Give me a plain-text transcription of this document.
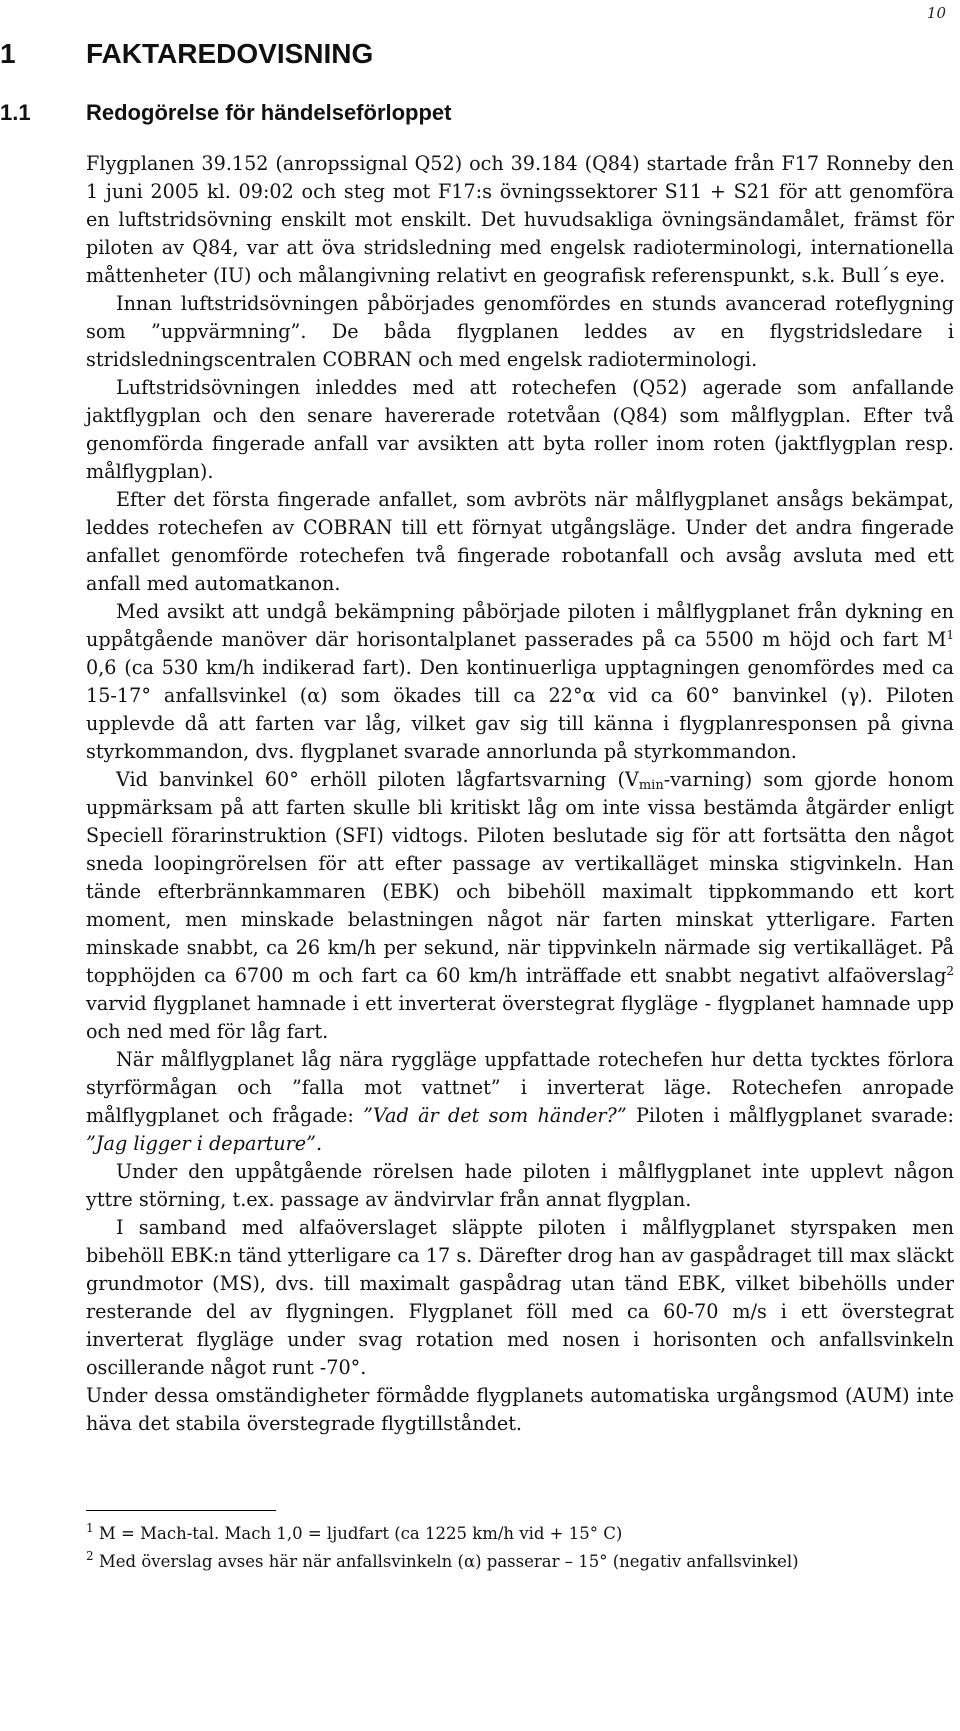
10
1	FAKTAREDOVISNING
1.1	Redogörelse för händelseförloppet

Flygplanen 39.152 (anropssignal Q52) och 39.184 (Q84) startade från F17 Ronneby den 1 juni 2005 kl. 09:02 och steg mot F17:s övningssektorer S11 + S21 för att genomföra en luftstridsövning enskilt mot enskilt. Det huvudsakliga övningsändamålet, främst för piloten av Q84, var att öva stridsledning med engelsk radioterminologi, internationella måttenheter (IU) och målangivning relativt en geografisk referenspunkt, s.k. Bull´s eye.

Innan luftstridsövningen påbörjades genomfördes en stunds avancerad roteflygning som ”uppvärmning”. De båda flygplanen leddes av en flygstridsledare i stridsledningscentralen COBRAN och med engelsk radioterminologi.

Luftstridsövningen inleddes med att rotechefen (Q52) agerade som anfallande jaktflygplan och den senare havererade rotetvåan (Q84) som målflygplan. Efter två genomförda fingerade anfall var avsikten att byta roller inom roten (jaktflygplan resp. målflygplan).

Efter det första fingerade anfallet, som avbröts när målflygplanet ansågs bekämpat, leddes rotechefen av COBRAN till ett förnyat utgångsläge. Under det andra fingerade anfallet genomförde rotechefen två fingerade robotanfall och avsåg avsluta med ett anfall med automatkanon.

Med avsikt att undgå bekämpning påbörjade piloten i målflygplanet från dykning en uppåtgående manöver där horisontalplanet passerades på ca 5500 m höjd och fart $M^1$ 0,6 (ca 530 km/h indikerad fart). Den kontinuerliga upptagningen genomfördes med ca 15-17° anfallsvinkel (α) som ökades till ca 22°α vid ca 60° banvinkel (γ). Piloten upplevde då att farten var låg, vilket gav sig till känna i flygplanresponsen på givna styrkommandon, dvs. flygplanet svarade annorlunda på styrkommandon.

Vid banvinkel 60° erhöll piloten lågfartsvarning $(V_{min}-varning)$ som gjorde honom uppmärksam på att farten skulle bli kritiskt låg om inte vissa bestämda åtgärder enligt Speciell förarinstruktion (SFI) vidtogs. Piloten beslutade sig för att fortsätta den något sneda loopingrörelsen för att efter passage av vertikalläget minska stigvinkeln. Han tände efterbrännkammaren (EBK) och bibehöll maximalt tippkommando ett kort moment, men minskade belastningen något när farten minskat ytterligare. Farten minskade snabbt, ca 26 km/h per sekund, när tippvinkeln närmade sig vertikalläget. På topphöjden ca 6700 m och fart ca 60 km/h inträffade ett snabbt negativt alfaöverslag$^2$ varvid flygplanet hamnade i ett inverterat överstegrat flygläge - flygplanet hamnade upp och ned med för låg fart.

När målflygplanet låg nära rygglägе uppfattade rotechefen hur detta tycktes förlora styrförmågan och ”falla mot vattnet” i inverterat läge. Rotechefen anropade målflygplanet och frågade: ”Vad är det som händer?” Piloten i målflygplanet svarade: ”Jag ligger i departure”.

Under den uppåtgående rörelsen hade piloten i målflygplanet inte upplevt någon yttre störning, t.ex. passage av ändvirvlar från annat flygplan.

I samband med alfaöverslaget släppte piloten i målflygplanet styrspaken men bibehöll EBK:n tänd ytterligare ca 17 s. Därefter drog han av gaspådraget till max släckt grundmotor (MS), dvs. till maximalt gaspådrag utan tänd EBK, vilket bibehölls under resterande del av flygningen. Flygplanet föll med ca 60-70 m/s i ett överstegrat inverterat flygläge under svag rotation med nosen i horisonten och anfallsvinkeln oscillerande något runt -70°.

Under dessa omständigheter förmådde flygplanets automatiska urgångsmod (AUM) inte häva det stabila överstegrade flygtillståndet.

$^1$ M = Mach-tal. Mach 1,0 = ljudfart (ca 1225 km/h vid + 15° C)

$^2$ Med överslag avses här när anfallsvinkeln (α) passerar – 15° (negativ anfallsvinkel)
